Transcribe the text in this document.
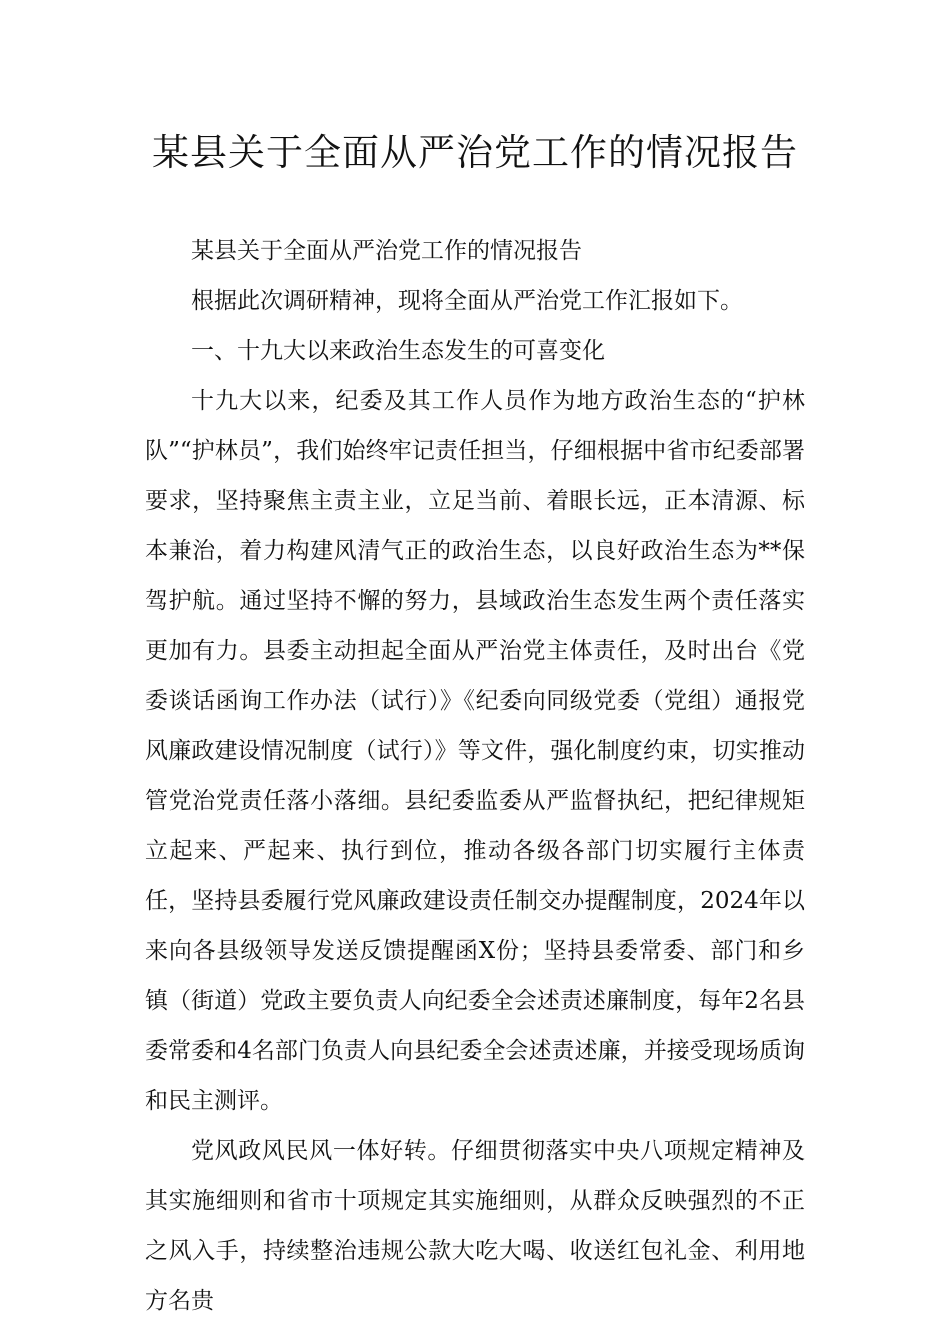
某县关于全面从严治党工作的情况报告

某县关于全面从严治党工作的情况报告

根据此次调研精神，现将全面从严治党工作汇报如下。

一、十九大以来政治生态发生的可喜变化

十九大以来，纪委及其工作人员作为地方政治生态的“护林队”“护林员”，我们始终牢记责任担当，仔细根据中省市纪委部署要求，坚持聚焦主责主业，立足当前、着眼长远，正本清源、标本兼治，着力构建风清气正的政治生态，以良好政治生态为**保驾护航。通过坚持不懈的努力，县域政治生态发生两个责任落实更加有力。县委主动担起全面从严治党主体责任，及时出台《党委谈话函询工作办法（试行）》《纪委向同级党委（党组）通报党风廉政建设情况制度（试行）》等文件，强化制度约束，切实推动管党治党责任落小落细。县纪委监委从严监督执纪，把纪律规矩立起来、严起来、执行到位，推动各级各部门切实履行主体责任，坚持县委履行党风廉政建设责任制交办提醒制度，2024年以来向各县级领导发送反馈提醒函X份；坚持县委常委、部门和乡镇（街道）党政主要负责人向纪委全会述责述廉制度，每年2名县委常委和4名部门负责人向县纪委全会述责述廉，并接受现场质询和民主测评。

党风政风民风一体好转。仔细贯彻落实中央八项规定精神及其实施细则和省市十项规定其实施细则，从群众反映强烈的不正之风入手，持续整治违规公款大吃大喝、收送红包礼金、利用地方名贵
